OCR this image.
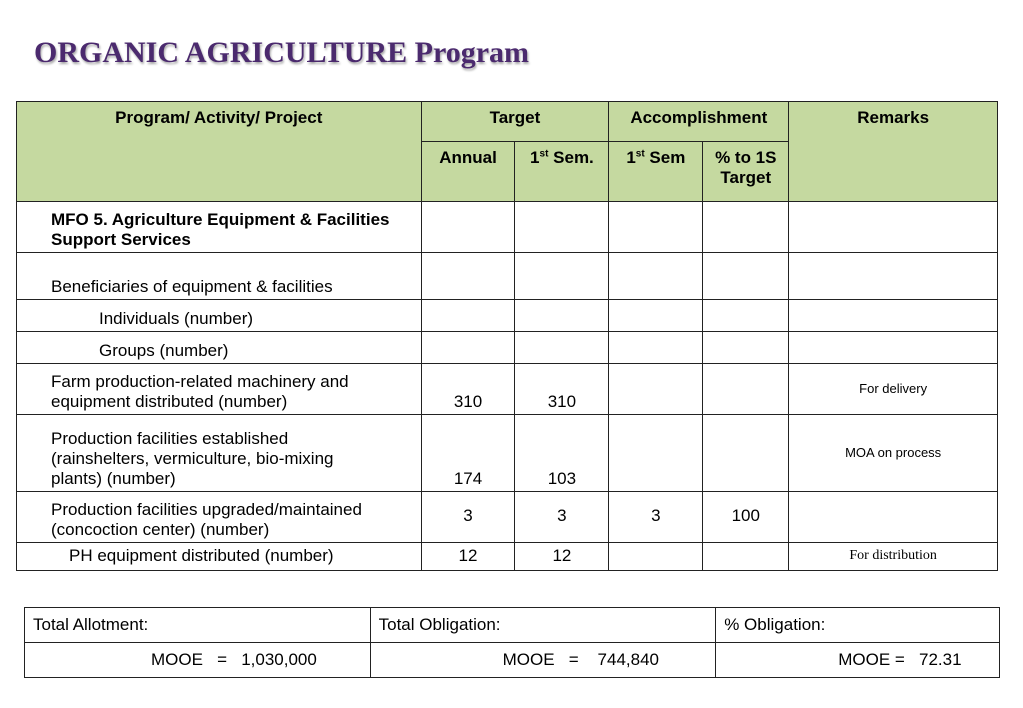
ORGANIC AGRICULTURE Program
Program/ Activity/ Project	Target		Accomplishment		Remarks
	Annual	1st Sem.	1st Sem	% to 1S
Target	
MFO 5. Agriculture Equipment & Facilities
Support Services					
Beneficiaries of equipment & facilities					
Individuals (number)					
Groups (number)					
Farm production-related machinery and
equipment distributed (number)	310	310			For delivery
Production facilities established
(rainshelters, vermiculture, bio-mixing
plants) (number)	174	103			MOA on process
Production facilities upgraded/maintained
(concoction center) (number)	3	3	3	100	
PH equipment distributed (number)	12	12			For distribution
Total Allotment:	Total Obligation:	% Obligation:
MOOE   =   1,030,000	MOOE   =    744,840	MOOE =   72.31
